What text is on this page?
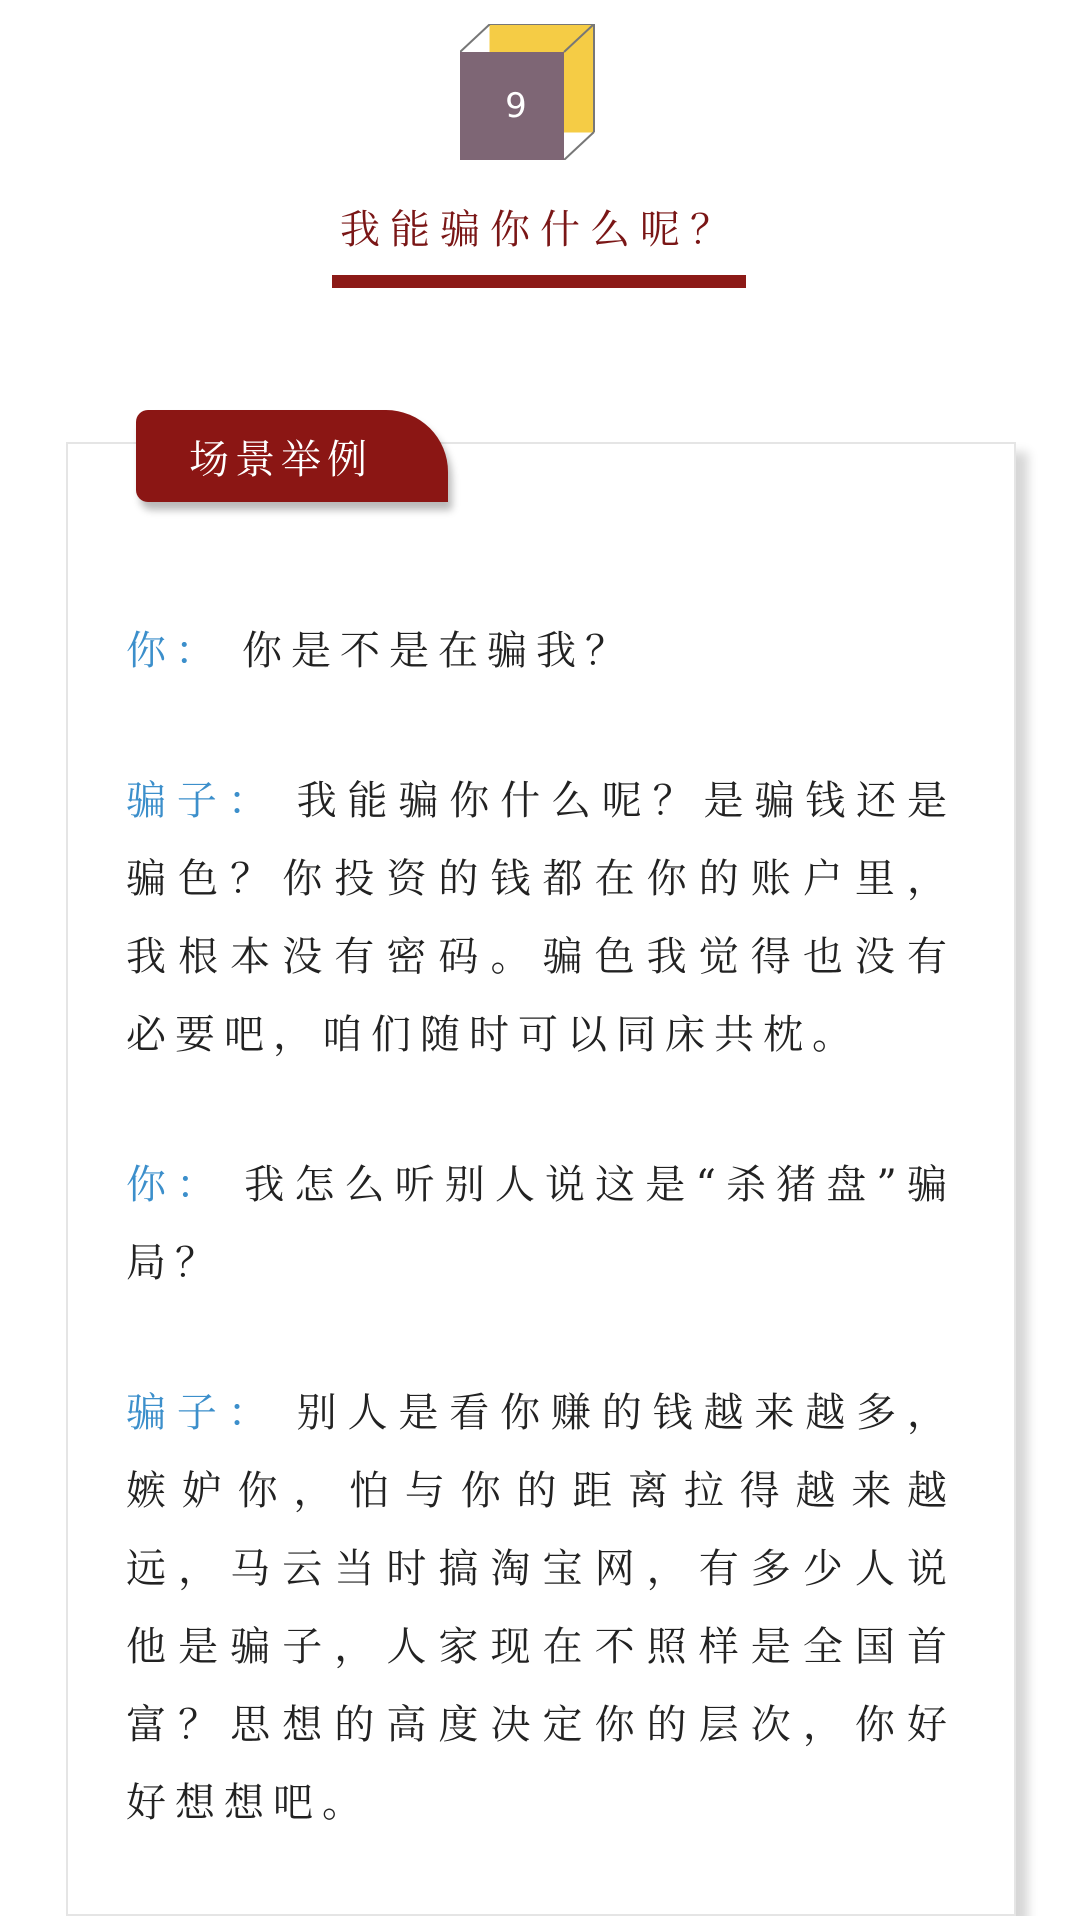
9
我能骗你什么呢？
场景举例

你： 你是不是在骗我？

骗子： 我能骗你什么呢？是骗钱还是骗色？你投资的钱都在你的账户里，我根本没有密码。骗色我觉得也没有必要吧，咱们随时可以同床共枕。

你： 我怎么听别人说这是“杀猪盘”骗局？

骗子： 别人是看你赚的钱越来越多，嫉妒你，怕与你的距离拉得越来越远，马云当时搞淘宝网，有多少人说他是骗子，人家现在不照样是全国首富？思想的高度决定你的层次，你好好想想吧。
